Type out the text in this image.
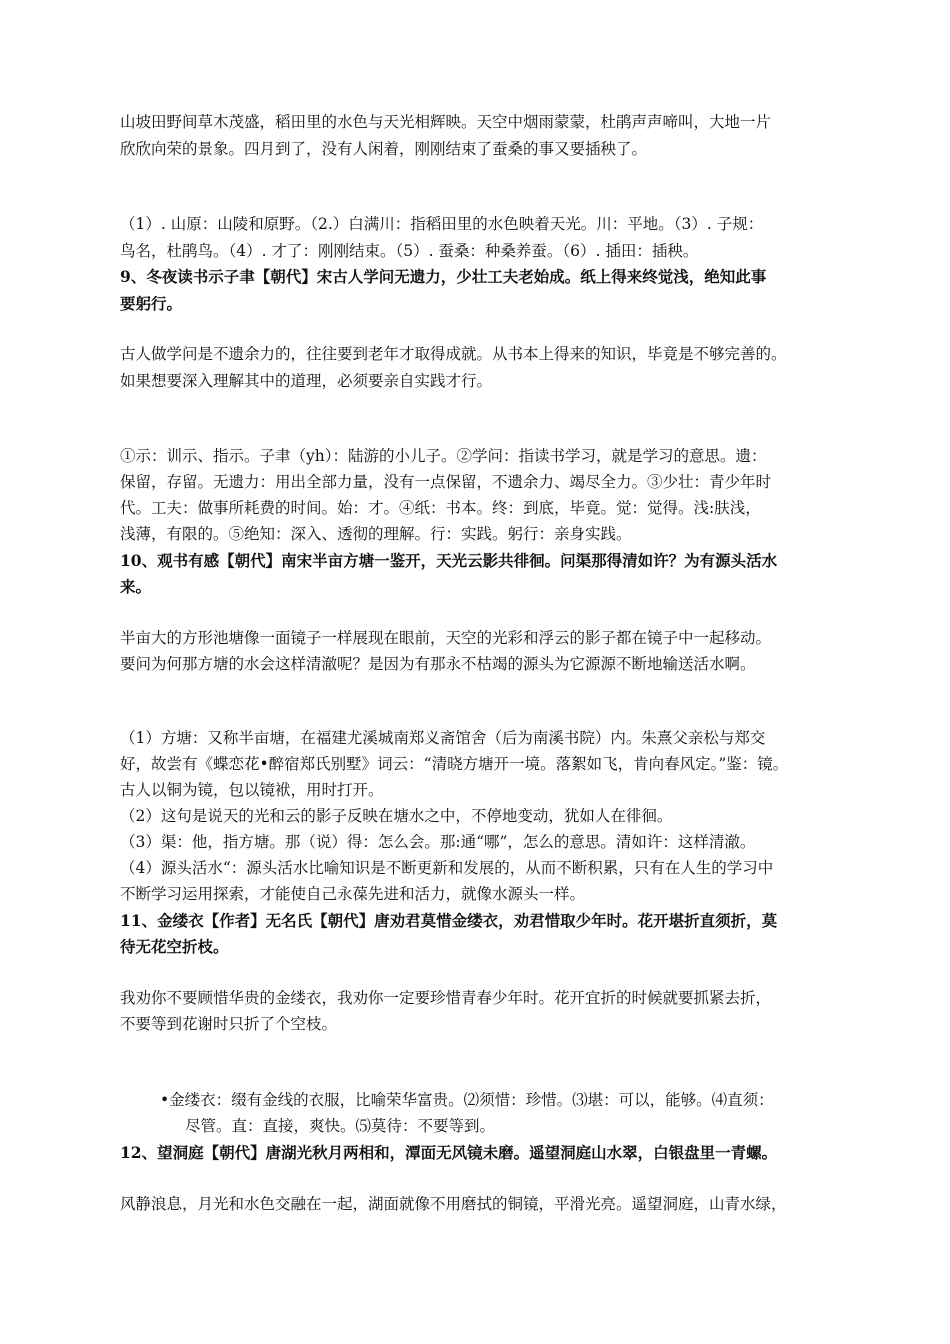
山坡田野间草木茂盛，稻田里的水色与天光相辉映。天空中烟雨蒙蒙，杜鹃声声啼叫，大地一片
欣欣向荣的景象。四月到了，没有人闲着，刚刚结束了蚕桑的事又要插秧了。
（1）. 山原：山陵和原野。（2.）白满川：指稻田里的水色映着天光。川：平地。（3）. 子规：
鸟名，杜鹃鸟。（4）. 才了：刚刚结束。（5）. 蚕桑：种桑养蚕。（6）. 插田：插秧。
9、冬夜读书示子聿【朝代】宋古人学问无遗力，少壮工夫老始成。纸上得来终觉浅，绝知此事
要躬行。
古人做学问是不遗余力的，往往要到老年才取得成就。从书本上得来的知识，毕竟是不够完善的。
如果想要深入理解其中的道理，必须要亲自实践才行。
①示：训示、指示。子聿（yh）：陆游的小儿子。②学问：指读书学习，就是学习的意思。遗：
保留，存留。无遗力：用出全部力量，没有一点保留，不遗余力、竭尽全力。③少壮：青少年时
代。工夫：做事所耗费的时间。始：才。④纸：书本。终：到底，毕竟。觉：觉得。浅:肤浅，
浅薄，有限的。⑤绝知：深入、透彻的理解。行：实践。躬行：亲身实践。
10、观书有感【朝代】南宋半亩方塘一鉴开，天光云影共徘徊。问渠那得清如许？为有源头活水
来。
半亩大的方形池塘像一面镜子一样展现在眼前，天空的光彩和浮云的影子都在镜子中一起移动。
要问为何那方塘的水会这样清澈呢？是因为有那永不枯竭的源头为它源源不断地输送活水啊。
（1）方塘：又称半亩塘，在福建尤溪城南郑义斋馆舍（后为南溪书院）内。朱熹父亲松与郑交
好，故尝有《蝶恋花•醉宿郑氏别墅》词云：“清晓方塘开一境。落絮如飞，肯向春风定。”鉴：镜。
古人以铜为镜，包以镜袱，用时打开。
（2）这句是说天的光和云的影子反映在塘水之中，不停地变动，犹如人在徘徊。
（3）渠：他，指方塘。那（说）得：怎么会。那:通“哪”，怎么的意思。清如许：这样清澈。
（4）源头活水“：源头活水比喻知识是不断更新和发展的，从而不断积累，只有在人生的学习中
不断学习运用探索，才能使自己永葆先进和活力，就像水源头一样。
11、金缕衣【作者】无名氏【朝代】唐劝君莫惜金缕衣，劝君惜取少年时。花开堪折直须折，莫
待无花空折枝。
我劝你不要顾惜华贵的金缕衣，我劝你一定要珍惜青春少年时。花开宜折的时候就要抓紧去折，
不要等到花谢时只折了个空枝。
•金缕衣：缀有金线的衣服，比喻荣华富贵。⑵须惜：珍惜。⑶堪：可以，能够。⑷直须：
尽管。直：直接，爽快。⑸莫待：不要等到。
12、望洞庭【朝代】唐湖光秋月两相和，潭面无风镜未磨。遥望洞庭山水翠，白银盘里一青螺。
风静浪息，月光和水色交融在一起，湖面就像不用磨拭的铜镜，平滑光亮。遥望洞庭，山青水绿，
